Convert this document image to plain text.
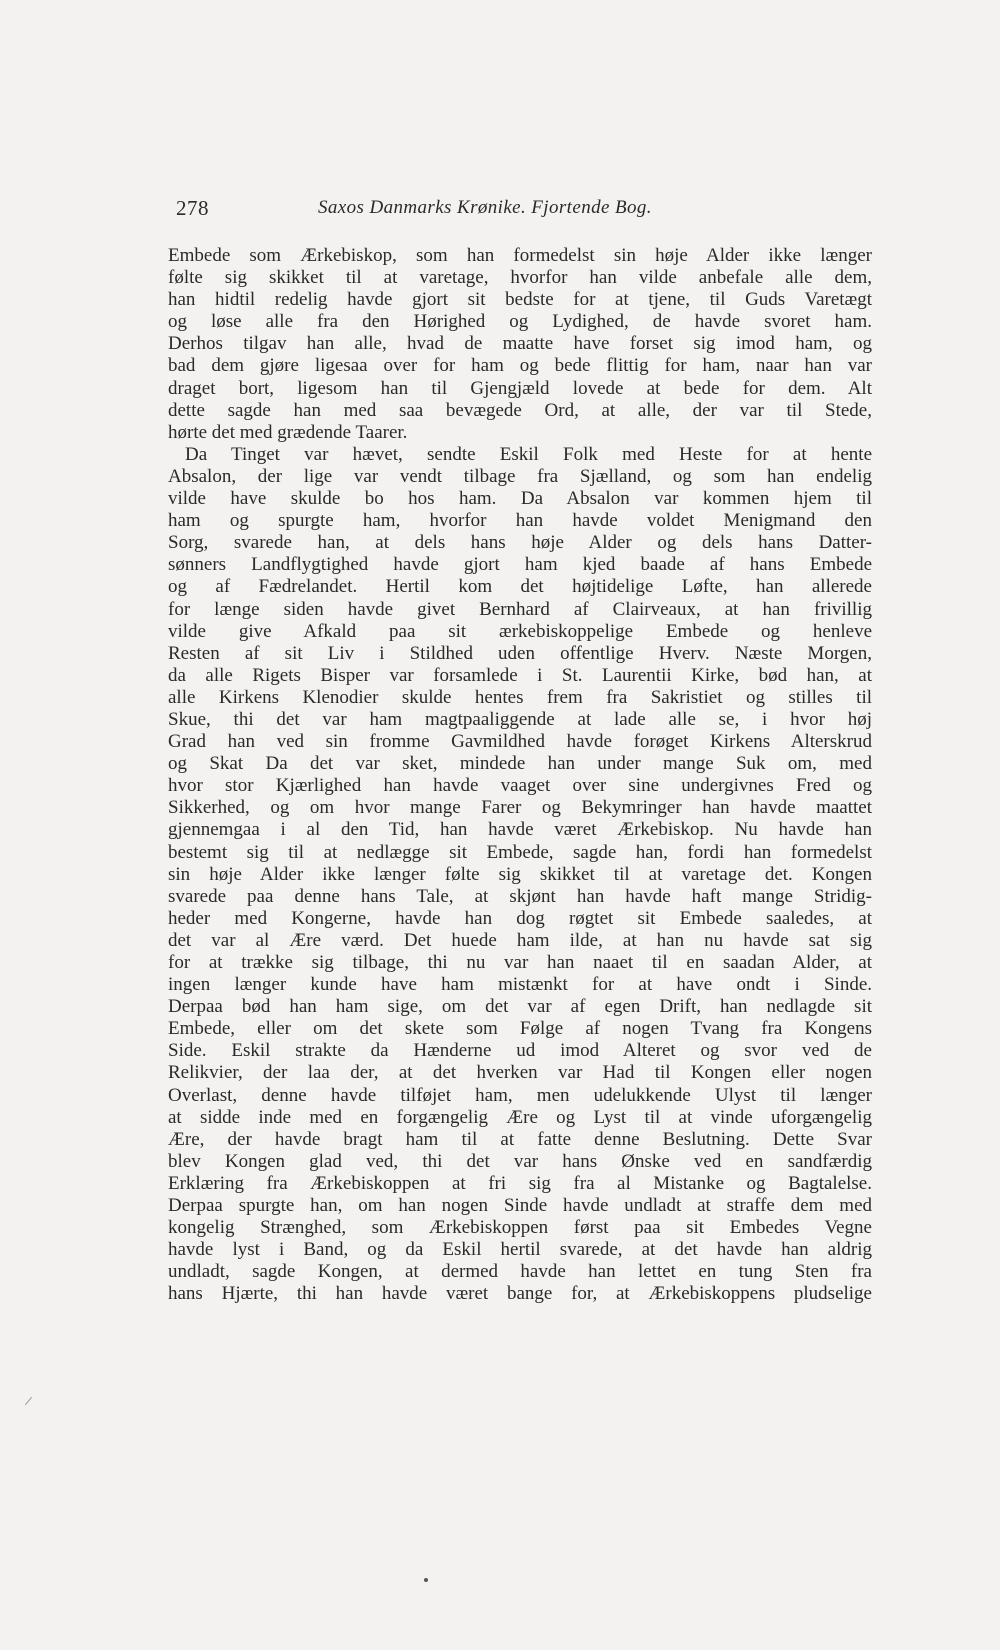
278	Saxos Danmarks Krønike. Fjortende Bog.
Embede som Ærkebiskop, som han formedelst sin høje Alder ikke længer
følte sig skikket til at varetage, hvorfor han vilde anbefale alle dem,
han hidtil redelig havde gjort sit bedste for at tjene, til Guds Varetægt
og løse alle fra den Hørighed og Lydighed, de havde svoret ham.
Derhos tilgav han alle, hvad de maatte have forset sig imod ham, og
bad dem gjøre ligesaa over for ham og bede flittig for ham, naar han var
draget bort, ligesom han til Gjengjæld lovede at bede for dem. Alt
dette sagde han med saa bevægede Ord, at alle, der var til Stede,
hørte det med grædende Taarer.
Da Tinget var hævet, sendte Eskil Folk med Heste for at hente
Absalon, der lige var vendt tilbage fra Sjælland, og som han endelig
vilde have skulde bo hos ham. Da Absalon var kommen hjem til
ham og spurgte ham, hvorfor han havde voldet Menigmand den
Sorg, svarede han, at dels hans høje Alder og dels hans Datter-
sønners Landflygtighed havde gjort ham kjed baade af hans Embede
og af Fædrelandet. Hertil kom det højtidelige Løfte, han allerede
for længe siden havde givet Bernhard af Clairveaux, at han frivillig
vilde give Afkald paa sit ærkebiskoppelige Embede og henleve
Resten af sit Liv i Stildhed uden offentlige Hverv. Næste Morgen,
da alle Rigets Bisper var forsamlede i St. Laurentii Kirke, bød han, at
alle Kirkens Klenodier skulde hentes frem fra Sakristiet og stilles til
Skue, thi det var ham magtpaaliggende at lade alle se, i hvor høj
Grad han ved sin fromme Gavmildhed havde forøget Kirkens Alterskrud
og Skat Da det var sket, mindede han under mange Suk om, med
hvor stor Kjærlighed han havde vaaget over sine undergivnes Fred og
Sikkerhed, og om hvor mange Farer og Bekymringer han havde maattet
gjennemgaa i al den Tid, han havde været Ærkebiskop. Nu havde han
bestemt sig til at nedlægge sit Embede, sagde han, fordi han formedelst
sin høje Alder ikke længer følte sig skikket til at varetage det. Kongen
svarede paa denne hans Tale, at skjønt han havde haft mange Stridig-
heder med Kongerne, havde han dog røgtet sit Embede saaledes, at
det var al Ære værd. Det huede ham ilde, at han nu havde sat sig
for at trække sig tilbage, thi nu var han naaet til en saadan Alder, at
ingen længer kunde have ham mistænkt for at have ondt i Sinde.
Derpaa bød han ham sige, om det var af egen Drift, han nedlagde sit
Embede, eller om det skete som Følge af nogen Tvang fra Kongens
Side. Eskil strakte da Hænderne ud imod Alteret og svor ved de
Relikvier, der laa der, at det hverken var Had til Kongen eller nogen
Overlast, denne havde tilføjet ham, men udelukkende Ulyst til længer
at sidde inde med en forgængelig Ære og Lyst til at vinde uforgængelig
Ære, der havde bragt ham til at fatte denne Beslutning. Dette Svar
blev Kongen glad ved, thi det var hans Ønske ved en sandfærdig
Erklæring fra Ærkebiskoppen at fri sig fra al Mistanke og Bagtalelse.
Derpaa spurgte han, om han nogen Sinde havde undladt at straffe dem med
kongelig Strænghed, som Ærkebiskoppen først paa sit Embedes Vegne
havde lyst i Band, og da Eskil hertil svarede, at det havde han aldrig
undladt, sagde Kongen, at dermed havde han lettet en tung Sten fra
hans Hjærte, thi han havde været bange for, at Ærkebiskoppens pludselige
